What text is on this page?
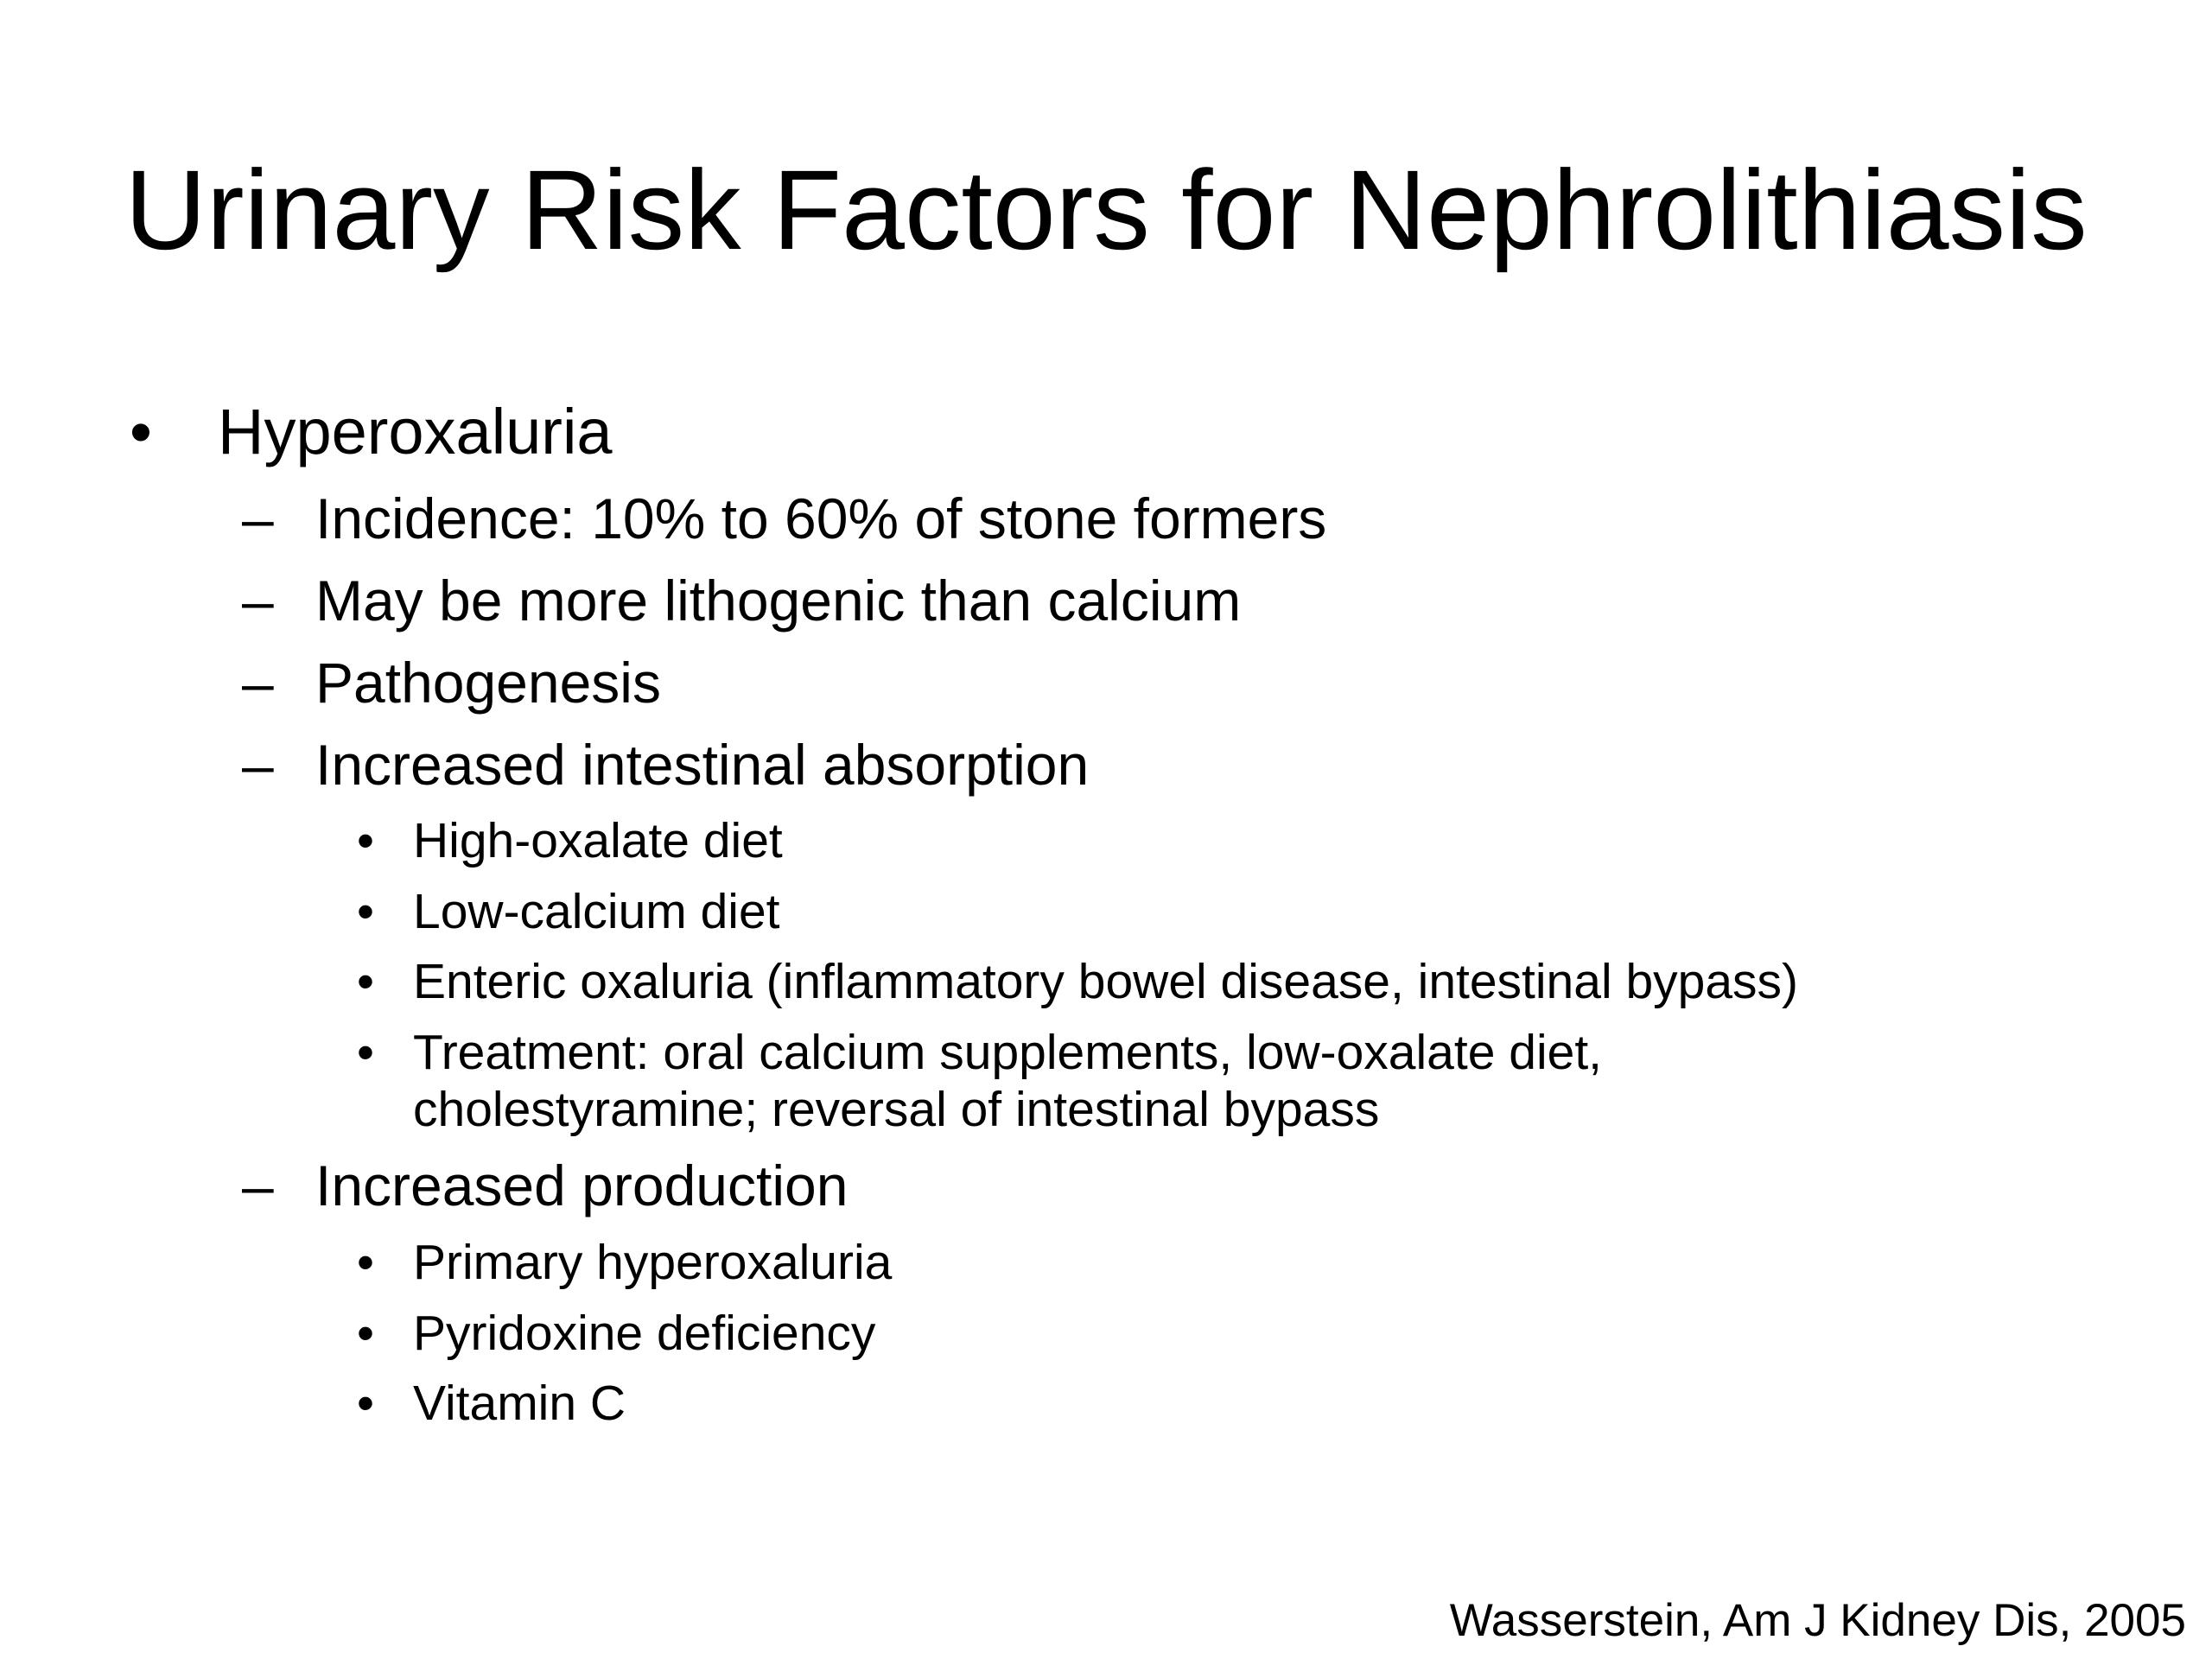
Urinary Risk Factors for Nephrolithiasis
• Hyperoxaluria
– Incidence: 10% to 60% of stone formers
– May be more lithogenic than calcium
– Pathogenesis
– Increased intestinal absorption
• High-oxalate diet
• Low-calcium diet
• Enteric oxaluria (inflammatory bowel disease, intestinal bypass)
• Treatment: oral calcium supplements, low-oxalate diet,
cholestyramine; reversal of intestinal bypass
– Increased production
• Primary hyperoxaluria
• Pyridoxine deficiency
• Vitamin C
Wasserstein, Am J Kidney Dis, 2005
